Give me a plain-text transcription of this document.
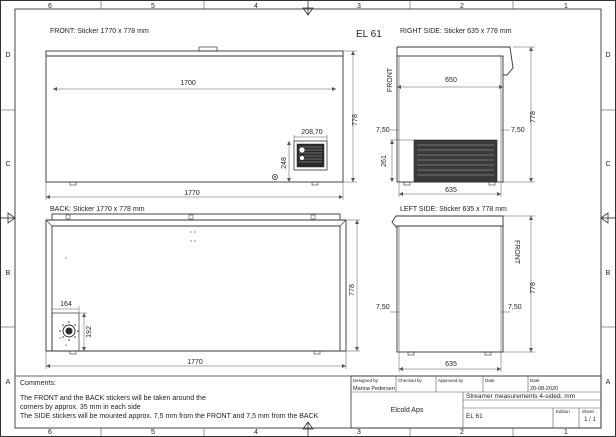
6	5	4	3	2	1
6	5	4	3	2	1
D
C
B
A
D
C
B
A
EL 61
FRONT: Sticker 1770 x 778 mm
1700
778
208,70
248
1770
RIGHT SIDE: Sticker 635 x 778 mm
FRONT	650
778
7,50	7,50
261
635
BACK: Sticker 1770 x 778 mm
164
192
778
1770
LEFT SIDE: Sticker 635 x 778 mm
FRONT
778
7,50	7,50
635
Comments:
The FRONT and the BACK stickers will be taken around the
corners by approx. 35 mm in each side
The SIDE stickers will be mounted approx. 7,5 mm from the FRONT and 7,5 mm from the BACK
Designed by	Checked by	Approved by	Date	Date
Marina Pedersen	20-08-2020
Elcold Aps
Streamer measurements 4-sided, mm
EL 61
Edition	Sheet
1 / 1
